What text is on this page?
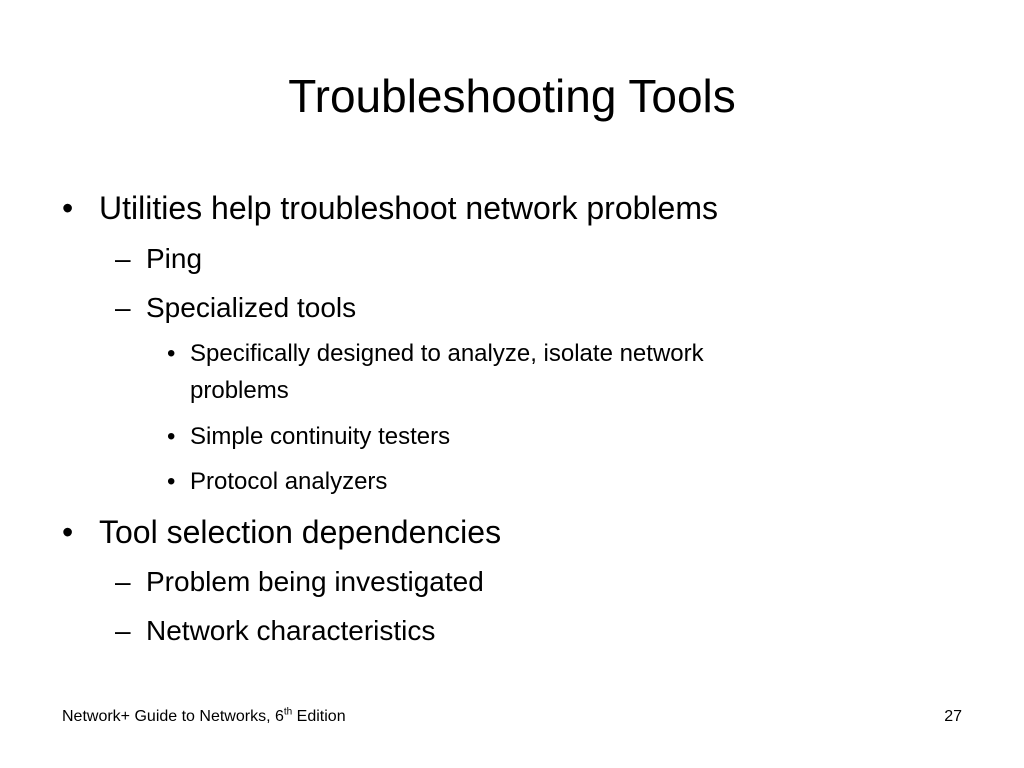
Troubleshooting Tools
• Utilities help troubleshoot network problems
– Ping
– Specialized tools
• Specifically designed to analyze, isolate network
problems
• Simple continuity testers
• Protocol analyzers
• Tool selection dependencies
– Problem being investigated
– Network characteristics
Network+ Guide to Networks, 6th Edition	27
